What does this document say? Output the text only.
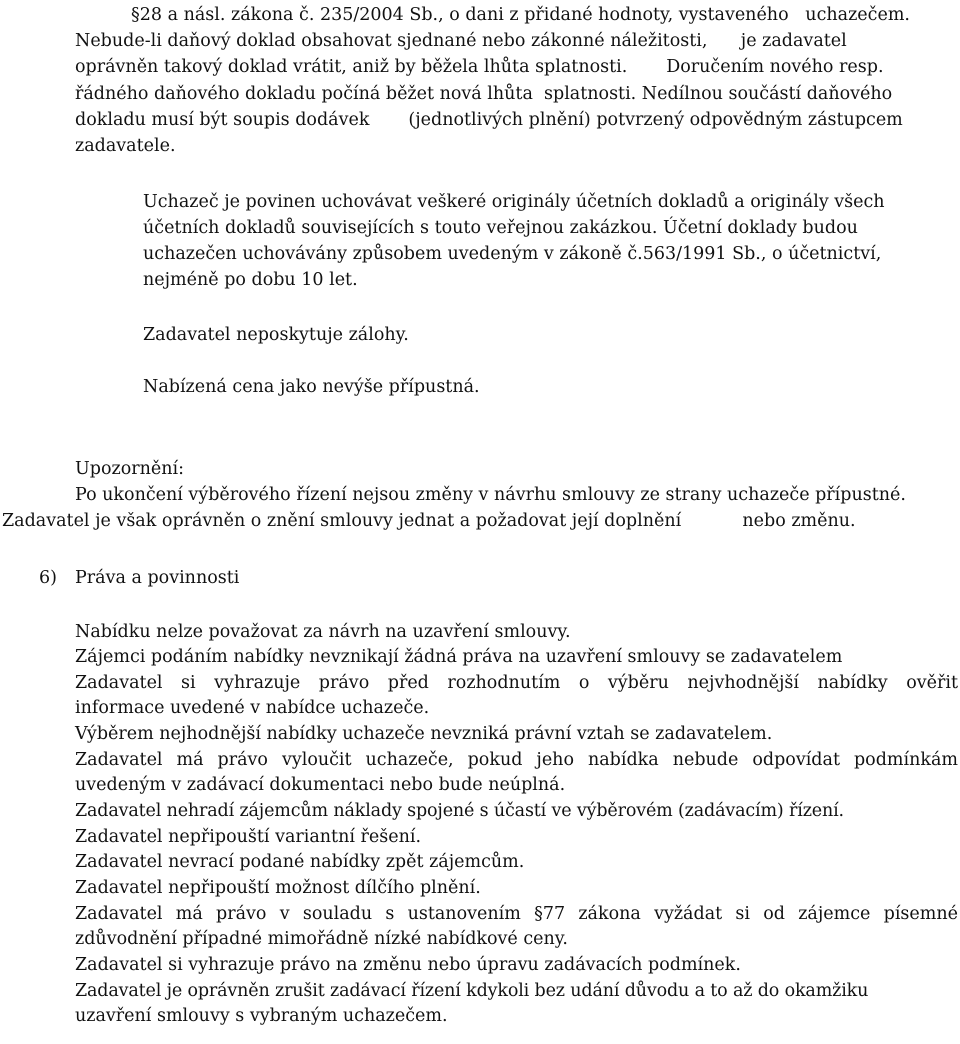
§28 a násl. zákona č. 235/2004 Sb., o dani z přidané hodnoty, vystaveného   uchazečem.
Nebude-li daňový doklad obsahovat sjednané nebo zákonné náležitosti,      je zadavatel
oprávněn takový doklad vrátit, aniž by běžela lhůta splatnosti.       Doručením nového resp.
řádného daňového dokladu počíná běžet nová lhůta  splatnosti. Nedílnou součástí daňového
dokladu musí být soupis dodávek       (jednotlivých plnění) potvrzený odpovědným zástupcem
zadavatele.
Uchazeč je povinen uchovávat veškeré originály účetních dokladů a originály všech
účetních dokladů souvisejících s touto veřejnou zakázkou. Účetní doklady budou
uchazečen uchovávány způsobem uvedeným v zákoně č.563/1991 Sb., o účetnictví,
nejméně po dobu 10 let.
Zadavatel neposkytuje zálohy.
Nabízená cena jako nevýše přípustná.
Upozornění:
Po ukončení výběrového řízení nejsou změny v návrhu smlouvy ze strany uchazeče přípustné.
Zadavatel je však oprávněn o znění smlouvy jednat a požadovat její doplnění           nebo změnu.
6) Práva a povinnosti
Nabídku nelze považovat za návrh na uzavření smlouvy.
Zájemci podáním nabídky nevznikají žádná práva na uzavření smlouvy se zadavatelem
Zadavatel si vyhrazuje právo před rozhodnutím o výběru nejvhodnější nabídky ověřit
informace uvedené v nabídce uchazeče.
Výběrem nejhodnější nabídky uchazeče nevzniká právní vztah se zadavatelem.
Zadavatel má právo vyloučit uchazeče, pokud jeho nabídka nebude odpovídat podmínkám
uvedeným v zadávací dokumentaci nebo bude neúplná.
Zadavatel nehradí zájemcům náklady spojené s účastí ve výběrovém (zadávacím) řízení.
Zadavatel nepřipouští variantní řešení.
Zadavatel nevrací podané nabídky zpět zájemcům.
Zadavatel nepřipouští možnost dílčího plnění.
Zadavatel má právo v souladu s ustanovením §77 zákona vyžádat si od zájemce písemné
zdůvodnění případné mimořádně nízké nabídkové ceny.
Zadavatel si vyhrazuje právo na změnu nebo úpravu zadávacích podmínek.
Zadavatel je oprávněn zrušit zadávací řízení kdykoli bez udání důvodu a to až do okamžiku
uzavření smlouvy s vybraným uchazečem.
